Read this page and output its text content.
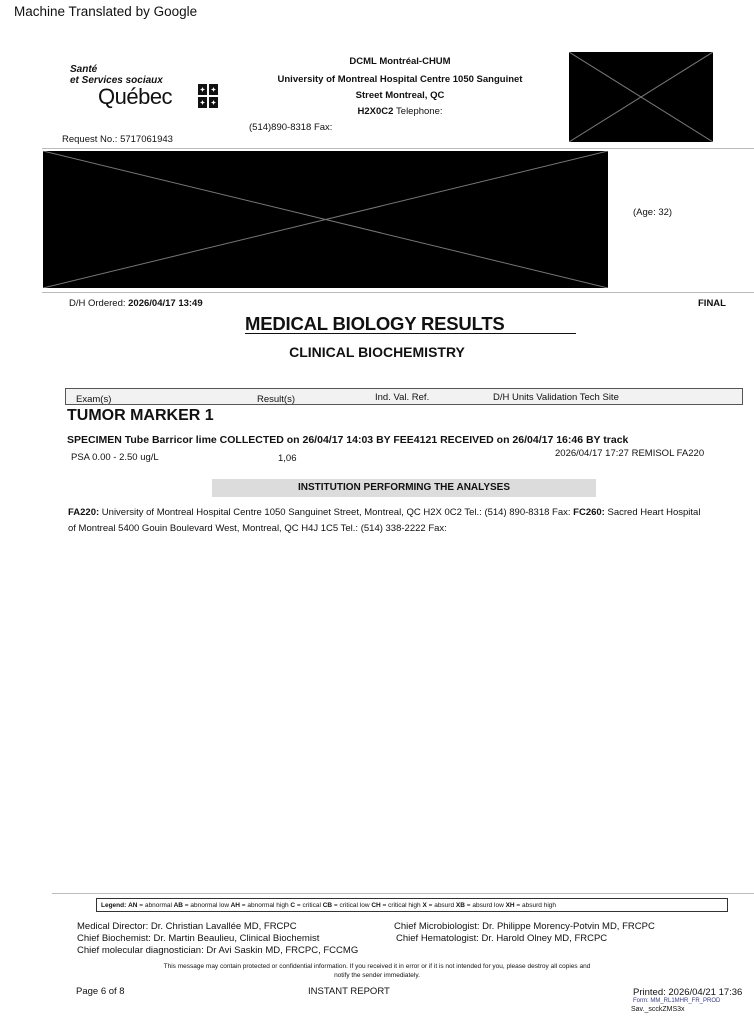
Machine Translated by Google
Santé
et Services sociaux
Québec
DCML Montréal-CHUM
University of Montreal Hospital Centre 1050 Sanguinet
Street Montreal, QC
H2X0C2 Telephone:
(514)890-8318 Fax:
Request No.: 5717061943
(Age: 32)
D/H Ordered: 2026/04/17 13:49	FINAL
MEDICAL BIOLOGY RESULTS
CLINICAL BIOCHEMISTRY
Exam(s)	Result(s)	Ind. Val. Ref.	D/H Units Validation Tech Site
TUMOR MARKER 1
SPECIMEN Tube Barricor lime COLLECTED on 26/04/17 14:03 BY FEE4121 RECEIVED on 26/04/17 16:46 BY track
PSA 0.00 - 2.50 ug/L	1,06	2026/04/17 17:27 REMISOL FA220
INSTITUTION PERFORMING THE ANALYSES
FA220: University of Montreal Hospital Centre 1050 Sanguinet Street, Montreal, QC H2X 0C2 Tel.: (514) 890-8318 Fax: FC260: Sacred Heart Hospital of Montreal 5400 Gouin Boulevard West, Montreal, QC H4J 1C5 Tel.: (514) 338-2222 Fax:
Legend: AN = abnormal AB = abnormal low AH = abnormal high C = critical CB = critical low CH = critical high X = absurd XB = absurd low XH = absurd high
Medical Director: Dr. Christian Lavallée MD, FRCPC
Chief Biochemist: Dr. Martin Beaulieu, Clinical Biochemist
Chief molecular diagnostician: Dr Avi Saskin MD, FRCPC, FCCMG
Chief Microbiologist: Dr. Philippe Morency-Potvin MD, FRCPC
Chief Hematologist: Dr. Harold Olney MD, FRCPC
This message may contain protected or confidential information. If you received it in error or if it is not intended for you, please destroy all copies and
notify the sender immediately.
Page 6 of 8	INSTANT REPORT	Printed: 2026/04/21 17:36
Form: MM_RL1MHR_FR_PROD
Sav._scckZMS3x
